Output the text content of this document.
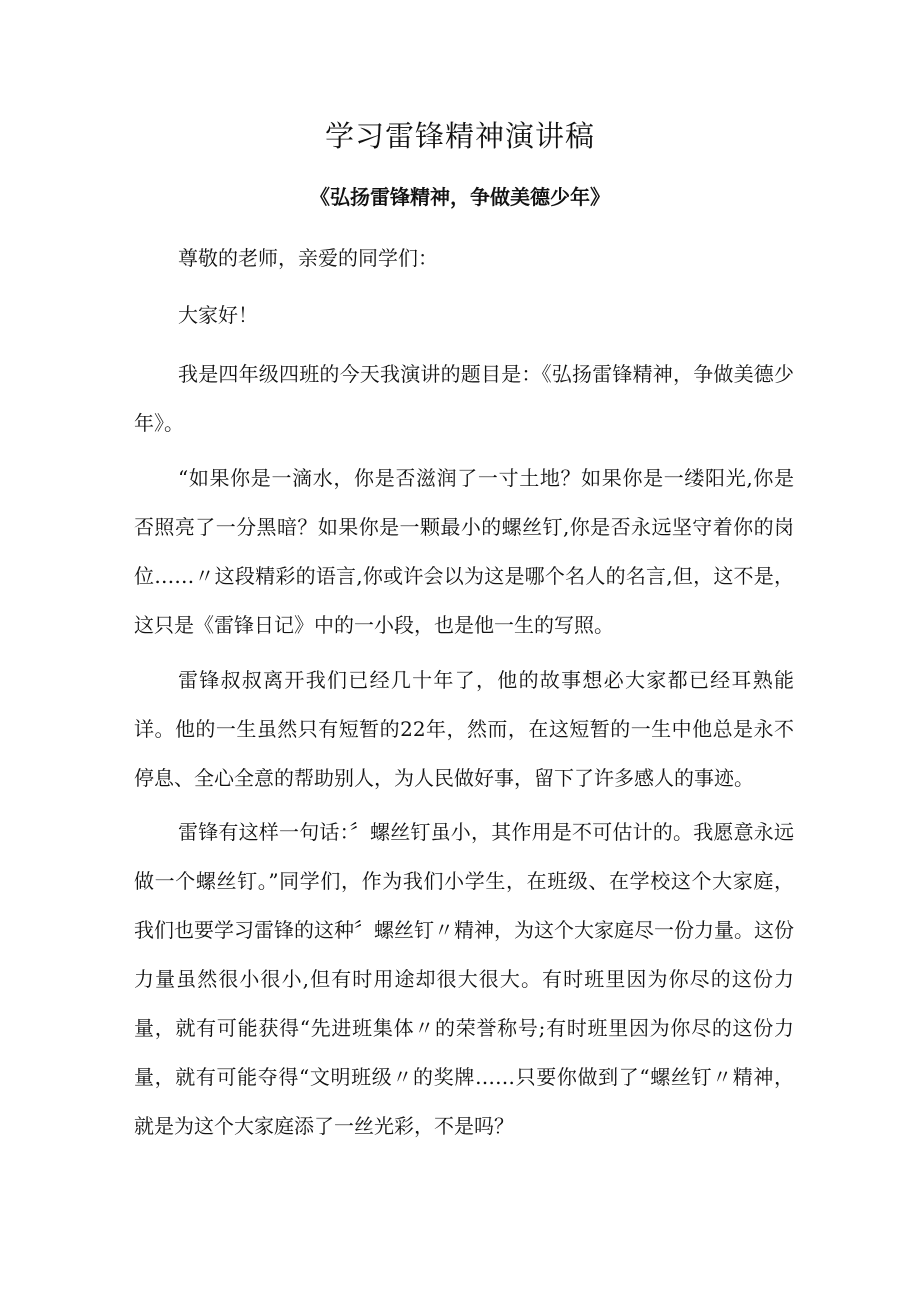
学习雷锋精神演讲稿
《弘扬雷锋精神，争做美德少年》

尊敬的老师，亲爱的同学们：

大家好！

我是四年级四班的今天我演讲的题目是：《弘扬雷锋精神，争做美德少年》。

“如果你是一滴水，你是否滋润了一寸土地？如果你是一缕阳光,你是否照亮了一分黑暗？如果你是一颗最小的螺丝钉,你是否永远坚守着你的岗位……〃这段精彩的语言,你或许会以为这是哪个名人的名言,但，这不是，这只是《雷锋日记》中的一小段，也是他一生的写照。

雷锋叔叔离开我们已经几十年了，他的故事想必大家都已经耳熟能详。他的一生虽然只有短暂的22年，然而，在这短暂的一生中他总是永不停息、全心全意的帮助别人，为人民做好事，留下了许多感人的事迹。

雷锋有这样一句话：〞螺丝钉虽小，其作用是不可估计的。我愿意永远做一个螺丝钉。”同学们，作为我们小学生，在班级、在学校这个大家庭，我们也要学习雷锋的这种〞螺丝钉〃精神，为这个大家庭尽一份力量。这份力量虽然很小很小,但有时用途却很大很大。有时班里因为你尽的这份力量，就有可能获得“先进班集体〃的荣誉称号;有时班里因为你尽的这份力量，就有可能夺得“文明班级〃的奖牌……只要你做到了“螺丝钉〃精神，就是为这个大家庭添了一丝光彩，不是吗？
